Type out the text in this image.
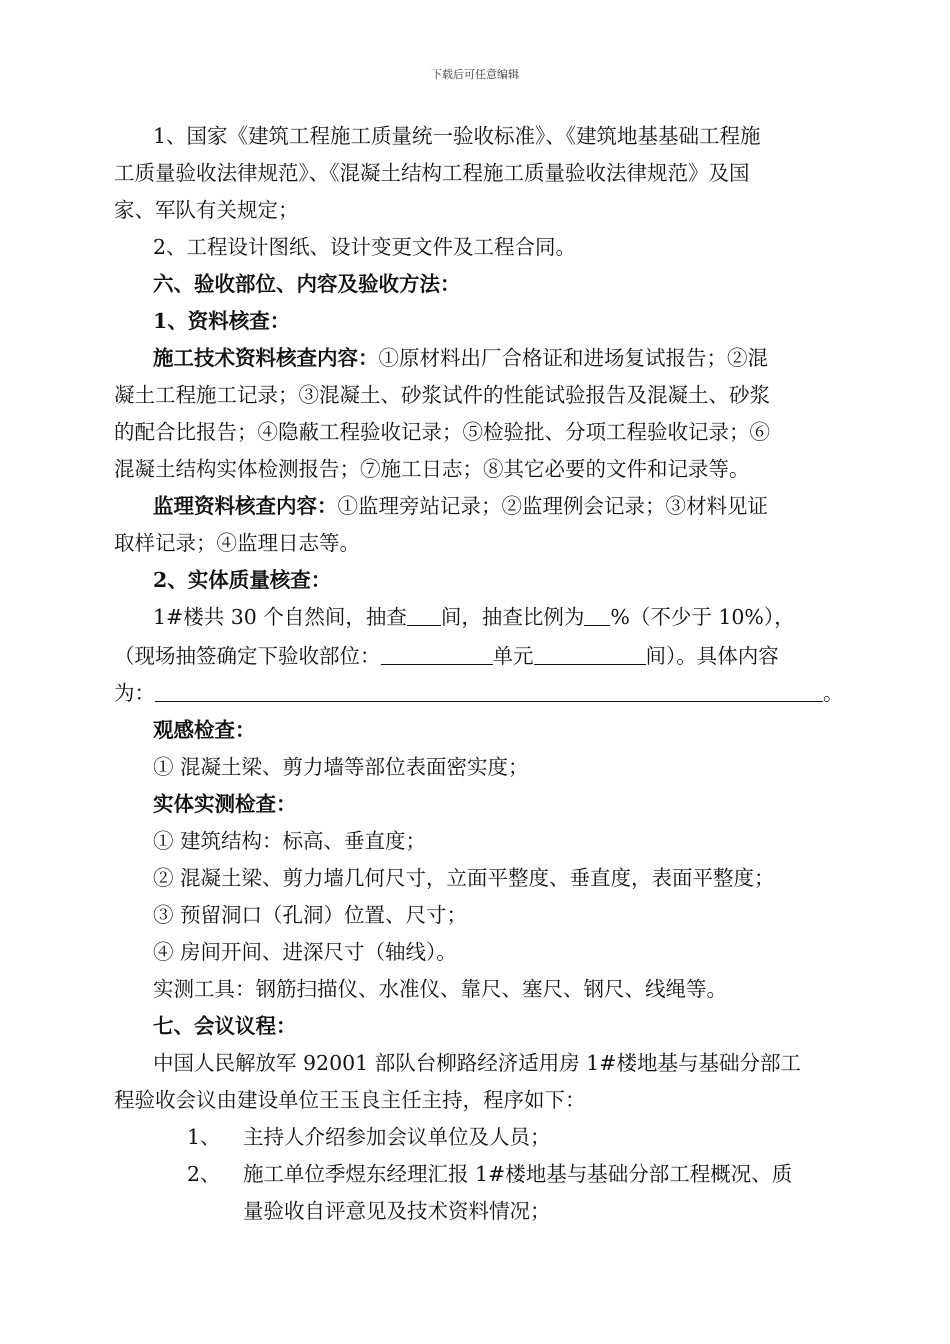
下载后可任意编辑
1、国家《建筑工程施工质量统一验收标准》、《建筑地基基础工程施
工质量验收法律规范》、《混凝土结构工程施工质量验收法律规范》及国
家、军队有关规定；
2、工程设计图纸、设计变更文件及工程合同。
六、验收部位、内容及验收方法：
1、资料核查：
施工技术资料核查内容：①原材料出厂合格证和进场复试报告；②混
凝土工程施工记录；③混凝土、砂浆试件的性能试验报告及混凝土、砂浆
的配合比报告；④隐蔽工程验收记录；⑤检验批、分项工程验收记录；⑥
混凝土结构实体检测报告；⑦施工日志；⑧其它必要的文件和记录等。
监理资料核查内容：①监理旁站记录；②监理例会记录；③材料见证
取样记录；④监理日志等。
2、实体质量核查：
1#楼共 30 个自然间，抽查 间，抽查比例为 %（不少于 10%），
（现场抽签确定下验收部位：	单元	间）。具体内容
为：	。
观感检查：
① 混凝土梁、剪力墙等部位表面密实度；
实体实测检查：
① 建筑结构：标高、垂直度；
② 混凝土梁、剪力墙几何尺寸，立面平整度、垂直度，表面平整度；
③ 预留洞口（孔洞）位置、尺寸；
④ 房间开间、进深尺寸（轴线）。
实测工具：钢筋扫描仪、水准仪、靠尺、塞尺、钢尺、线绳等。
七、会议议程：
中国人民解放军 92001 部队台柳路经济适用房 1#楼地基与基础分部工
程验收会议由建设单位王玉良主任主持，程序如下：
1、	主持人介绍参加会议单位及人员；
2、	施工单位季煜东经理汇报 1#楼地基与基础分部工程概况、质
量验收自评意见及技术资料情况；
